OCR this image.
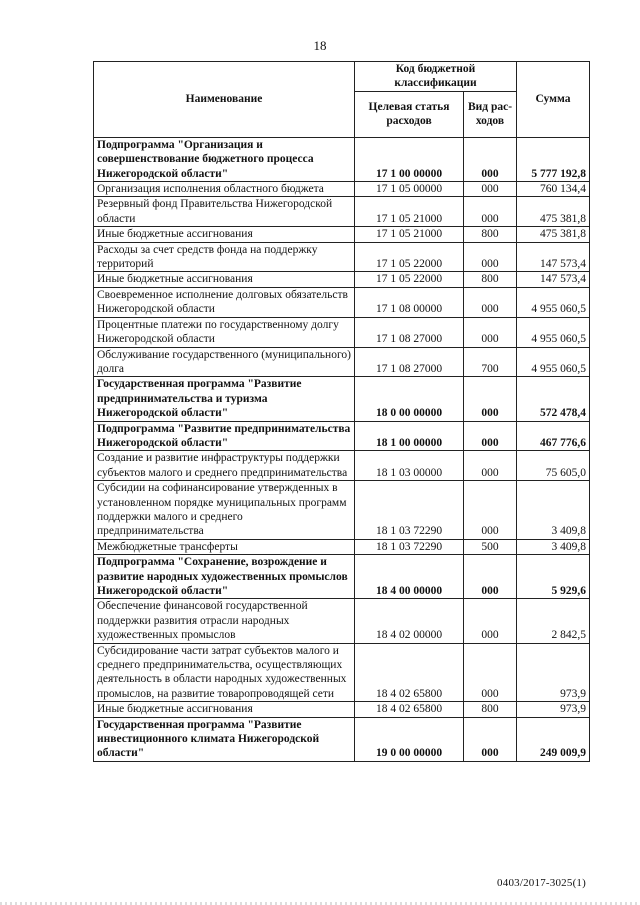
18
Наименование	Код бюджетной классификации		Сумма
	Целевая статья расходов	Вид рас-ходов	
Подпрограмма "Организация и совершенствование бюджетного процесса Нижегородской области"	17 1 00 00000	000	5 777 192,8
Организация исполнения областного бюджета	17 1 05 00000	000	760 134,4
Резервный фонд Правительства Нижегородской области	17 1 05 21000	000	475 381,8
Иные бюджетные ассигнования	17 1 05 21000	800	475 381,8
Расходы за счет средств фонда на поддержку территорий	17 1 05 22000	000	147 573,4
Иные бюджетные ассигнования	17 1 05 22000	800	147 573,4
Своевременное исполнение долговых обязательств Нижегородской области	17 1 08 00000	000	4 955 060,5
Процентные платежи по государственному долгу Нижегородской области	17 1 08 27000	000	4 955 060,5
Обслуживание государственного (муниципального) долга	17 1 08 27000	700	4 955 060,5
Государственная программа "Развитие предпринимательства и туризма Нижегородской области"	18 0 00 00000	000	572 478,4
Подпрограмма "Развитие предпринимательства Нижегородской области"	18 1 00 00000	000	467 776,6
Создание и развитие инфраструктуры поддержки субъектов малого и среднего предпринимательства	18 1 03 00000	000	75 605,0
Субсидии на софинансирование утвержденных в установленном порядке муниципальных программ поддержки малого и среднего предпринимательства	18 1 03 72290	000	3 409,8
Межбюджетные трансферты	18 1 03 72290	500	3 409,8
Подпрограмма "Сохранение, возрождение и развитие народных художественных промыслов Нижегородской области"	18 4 00 00000	000	5 929,6
Обеспечение финансовой государственной поддержки развития отрасли народных художественных промыслов	18 4 02 00000	000	2 842,5
Субсидирование части затрат субъектов малого и среднего предпринимательства, осуществляющих деятельность в области народных художественных промыслов, на развитие товаропроводящей сети	18 4 02 65800	000	973,9
Иные бюджетные ассигнования	18 4 02 65800	800	973,9
Государственная программа "Развитие инвестиционного климата Нижегородской области"	19 0 00 00000	000	249 009,9
0403/2017-3025(1)
